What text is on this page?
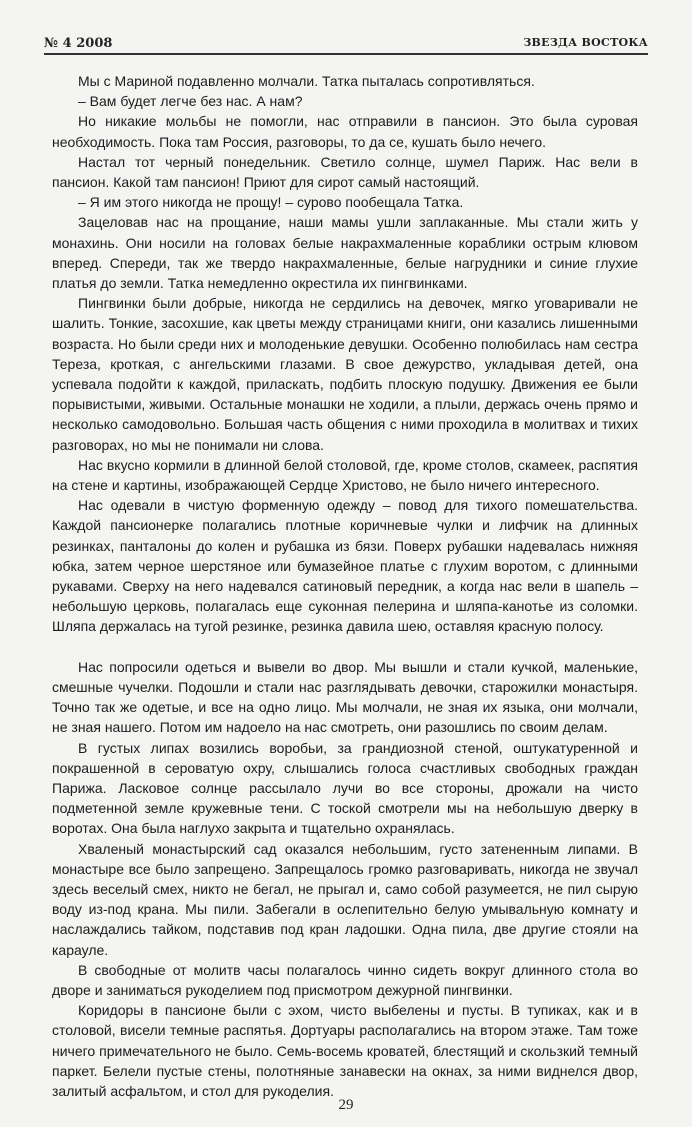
№ 4 2008	ЗВЕЗДА ВОСТОКА

Мы с Мариной подавленно молчали. Татка пыталась сопротивляться.

– Вам будет легче без нас. А нам?

Но никакие мольбы не помогли, нас отправили в пансион. Это была суровая необходимость. Пока там Россия, разговоры, то да се, кушать было нечего.

Настал тот черный понедельник. Светило солнце, шумел Париж. Нас вели в пансион. Какой там пансион! Приют для сирот самый настоящий.

– Я им этого никогда не прощу! – сурово пообещала Татка.

Зацеловав нас на прощание, наши мамы ушли заплаканные. Мы стали жить у монахинь. Они носили на головах белые накрахмаленные кораблики острым клювом вперед. Спереди, так же твердо накрахмаленные, белые нагрудники и синие глухие платья до земли. Татка немедленно окрестила их пингвинками.

Пингвинки были добрые, никогда не сердились на девочек, мягко уговаривали не шалить. Тонкие, засохшие, как цветы между страницами книги, они казались лишенными возраста. Но были среди них и молоденькие девушки. Особенно полюбилась нам сестра Тереза, кроткая, с ангельскими глазами. В свое дежурство, укладывая детей, она успевала подойти к каждой, приласкать, подбить плоскую подушку. Движения ее были порывистыми, живыми. Остальные монашки не ходили, а плыли, держась очень прямо и несколько самодовольно. Большая часть общения с ними проходила в молитвах и тихих разговорах, но мы не понимали ни слова.

Нас вкусно кормили в длинной белой столовой, где, кроме столов, скамеек, распятия на стене и картины, изображающей Сердце Христово, не было ничего интересного.

Нас одевали в чистую форменную одежду – повод для тихого помешательства. Каждой пансионерке полагались плотные коричневые чулки и лифчик на длинных резинках, панталоны до колен и рубашка из бязи. Поверх рубашки надевалась нижняя юбка, затем черное шерстяное или бумазейное платье с глухим воротом, с длинными рукавами. Сверху на него надевался сатиновый передник, а когда нас вели в шапель – небольшую церковь, полагалась еще суконная пелерина и шляпа-канотье из соломки. Шляпа держалась на тугой резинке, резинка давила шею, оставляя красную полосу.

Нас попросили одеться и вывели во двор. Мы вышли и стали кучкой, маленькие, смешные чучелки. Подошли и стали нас разглядывать девочки, старожилки монастыря. Точно так же одетые, и все на одно лицо. Мы молчали, не зная их языка, они молчали, не зная нашего. Потом им надоело на нас смотреть, они разошлись по своим делам.

В густых липах возились воробьи, за грандиозной стеной, оштукатуренной и покрашенной в сероватую охру, слышались голоса счастливых свободных граждан Парижа. Ласковое солнце рассылало лучи во все стороны, дрожали на чисто подметенной земле кружевные тени. С тоской смотрели мы на небольшую дверку в воротах. Она была наглухо закрыта и тщательно охранялась.

Хваленый монастырский сад оказался небольшим, густо затененным липами. В монастыре все было запрещено. Запрещалось громко разговаривать, никогда не звучал здесь веселый смех, никто не бегал, не прыгал и, само собой разумеется, не пил сырую воду из-под крана. Мы пили. Забегали в ослепительно белую умывальную комнату и наслаждались тайком, подставив под кран ладошки. Одна пила, две другие стояли на карауле.

В свободные от молитв часы полагалось чинно сидеть вокруг длинного стола во дворе и заниматься рукоделием под присмотром дежурной пингвинки.

Коридоры в пансионе были с эхом, чисто выбелены и пусты. В тупиках, как и в столовой, висели темные распятья. Дортуары располагались на втором этаже. Там тоже ничего примечательного не было. Семь-восемь кроватей, блестящий и скользкий темный паркет. Белели пустые стены, полотняные занавески на окнах, за ними виднелся двор, залитый асфальтом, и стол для рукоделия.

29
